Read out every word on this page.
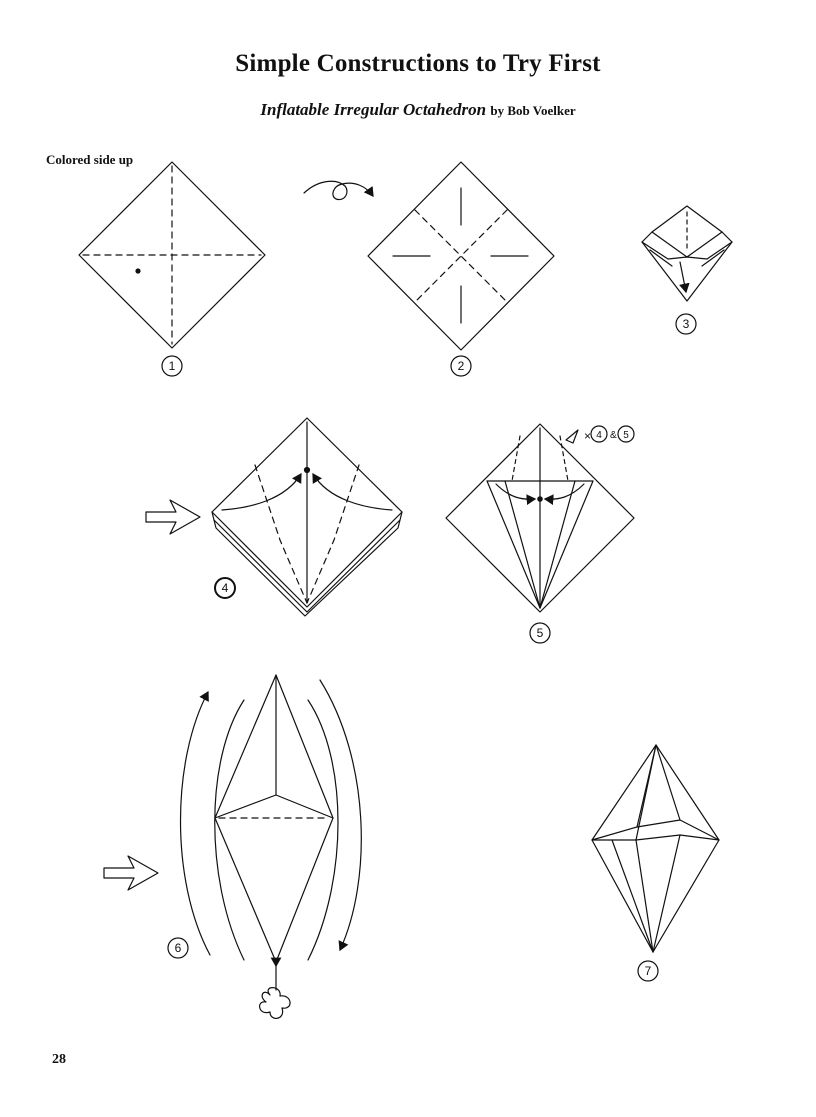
Simple Constructions to Try First
Inflatable Irregular Octahedron by Bob Voelker
Colored side up
28
1	2
3
4
× 4 & 5
5
6
7
